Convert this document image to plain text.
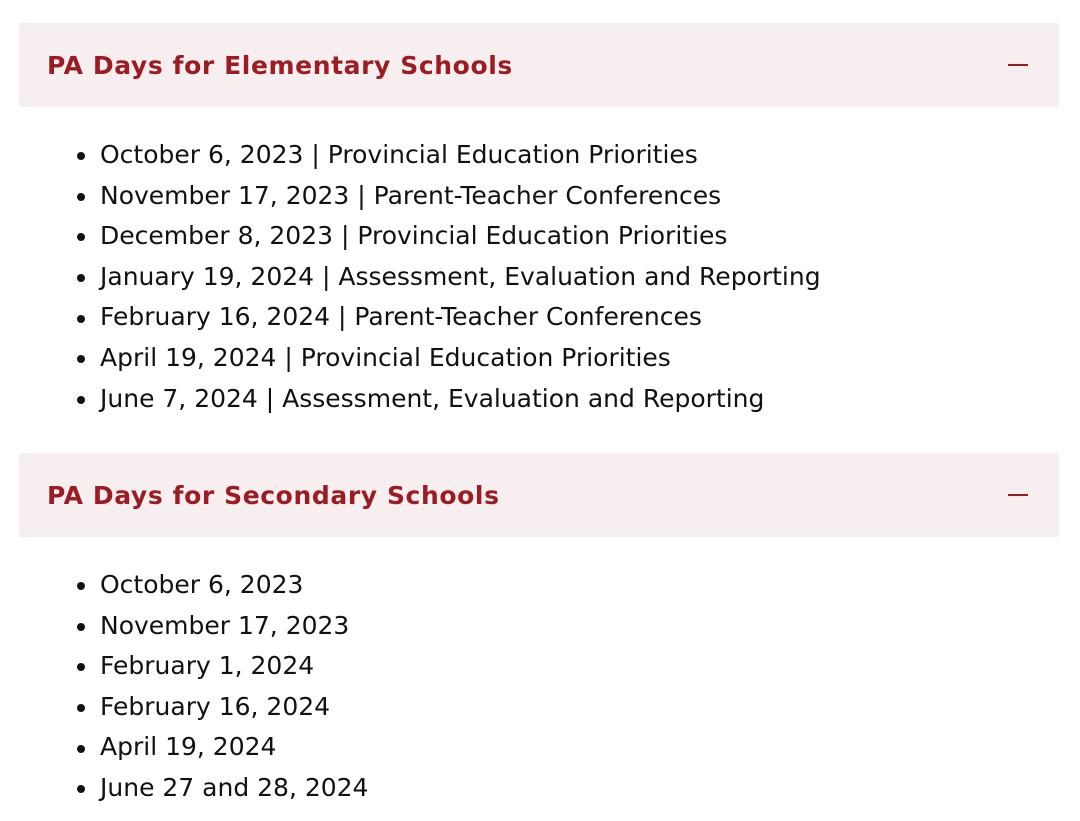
PA Days for Elementary Schools
October 6, 2023 | Provincial Education Priorities
November 17, 2023 | Parent-Teacher Conferences
December 8, 2023 | Provincial Education Priorities
January 19, 2024 | Assessment, Evaluation and Reporting
February 16, 2024 | Parent-Teacher Conferences
April 19, 2024 | Provincial Education Priorities
June 7, 2024 | Assessment, Evaluation and Reporting
PA Days for Secondary Schools
October 6, 2023
November 17, 2023
February 1, 2024
February 16, 2024
April 19, 2024
June 27 and 28, 2024
